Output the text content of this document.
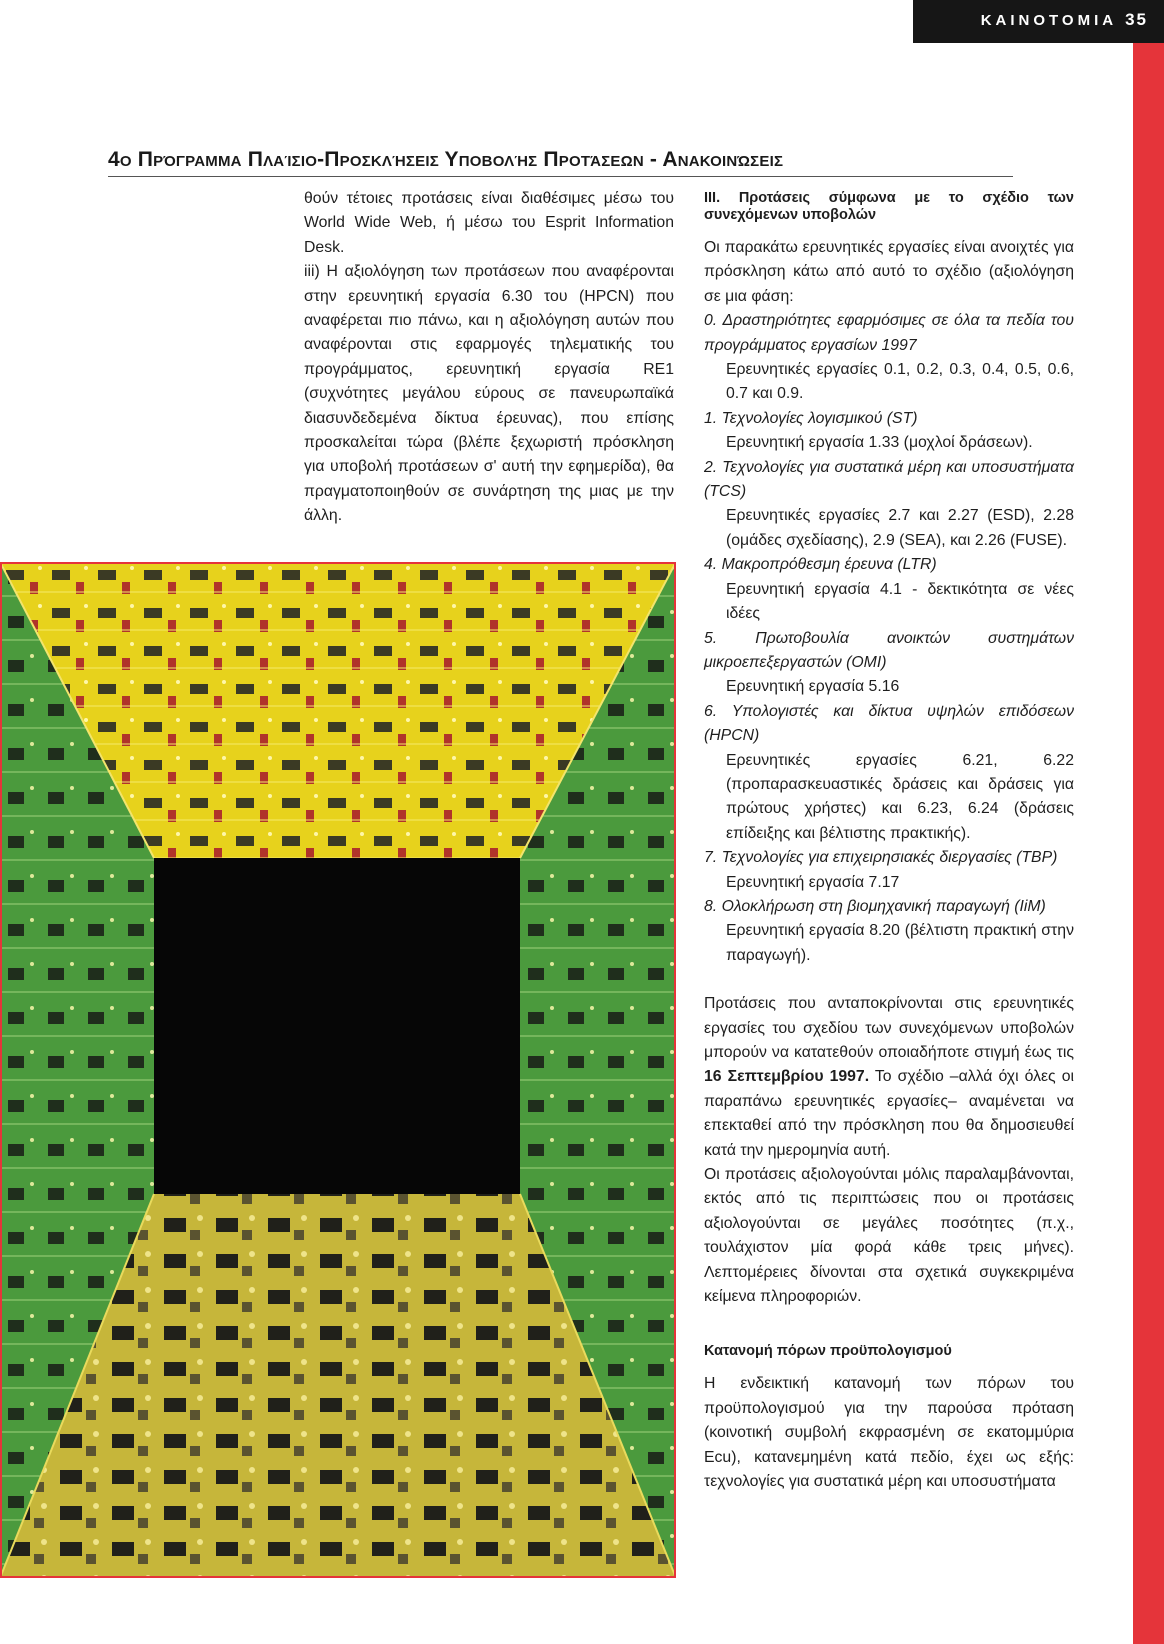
ΚΑΙΝΟΤΟΜΙΑ 35
4ο Πρόγραμμα Πλαίσιο-Προσκλήσεις Υποβολής Προτάσεων - Ανακοινώσεις

θούν τέτοιες προτάσεις είναι διαθέσιμες μέσω του World Wide Web, ή μέσω του Esprit Information Desk.

iii) Η αξιολόγηση των προτάσεων που αναφέρονται στην ερευνητική εργασία 6.30 του (HPCN) που αναφέρεται πιο πάνω, και η αξιολόγηση αυτών που αναφέρονται στις εφαρμογές τηλεματικής του προγράμματος, ερευνητική εργασία RE1 (συχνότητες μεγάλου εύρους σε πανευρωπαϊκά διασυνδεδεμένα δίκτυα έρευνας), που επίσης προσκαλείται τώρα (βλέπε ξεχωριστή πρόσκληση για υποβολή προτάσεων σ' αυτή την εφημερίδα), θα πραγματοποιηθούν σε συνάρτηση της μιας με την άλλη.

III. Προτάσεις σύμφωνα με το σχέδιο των συνεχόμενων υποβολών

Οι παρακάτω ερευνητικές εργασίες είναι ανοιχτές για πρόσκληση κάτω από αυτό το σχέδιο (αξιολόγηση σε μια φάση:

0. Δραστηριότητες εφαρμόσιμες σε όλα τα πεδία του προγράμματος εργασίων 1997

Ερευνητικές εργασίες 0.1, 0.2, 0.3, 0.4, 0.5, 0.6, 0.7 και 0.9.

1. Τεχνολογίες λογισμικού (ST)

Ερευνητική εργασία 1.33 (μοχλοί δράσεων).

2. Τεχνολογίες για συστατικά μέρη και υποσυστήματα (TCS)

Ερευνητικές εργασίες 2.7 και 2.27 (ESD), 2.28 (ομάδες σχεδίασης), 2.9 (SEA), και 2.26 (FUSE).

4. Μακροπρόθεσμη έρευνα (LTR)

Ερευνητική εργασία 4.1 - δεκτικότητα σε νέες ιδέες

5. Πρωτοβουλία ανοικτών συστημάτων μικροεπεξεργαστών (OMI)

Ερευνητική εργασία 5.16

6. Υπολογιστές και δίκτυα υψηλών επιδόσεων (HPCN)

Ερευνητικές εργασίες 6.21, 6.22 (προπαρασκευαστικές δράσεις και δράσεις για πρώτους χρήστες) και 6.23, 6.24 (δράσεις επίδειξης και βέλτιστης πρακτικής).

7. Τεχνολογίες για επιχειρησιακές διεργασίες (TBP)

Ερευνητική εργασία 7.17

8. Ολοκλήρωση στη βιομηχανική παραγωγή (IiM)

Ερευνητική εργασία 8.20 (βέλτιστη πρακτική στην παραγωγή).

Προτάσεις που ανταποκρίνονται στις ερευνητικές εργασίες του σχεδίου των συνεχόμενων υποβολών μπορούν να κατατεθούν οποιαδήποτε στιγμή έως τις 16 Σεπτεμβρίου 1997. Το σχέδιο –αλλά όχι όλες οι παραπάνω ερευνητικές εργασίες– αναμένεται να επεκταθεί από την πρόσκληση που θα δημοσιευθεί κατά την ημερομηνία αυτή.

Οι προτάσεις αξιολογούνται μόλις παραλαμβάνονται, εκτός από τις περιπτώσεις που οι προτάσεις αξιολογούνται σε μεγάλες ποσότητες (π.χ., τουλάχιστον μία φορά κάθε τρεις μήνες). Λεπτομέρειες δίνονται στα σχετικά συγκεκριμένα κείμενα πληροφοριών.

Κατανομή πόρων προϋπολογισμού

Η ενδεικτική κατανομή των πόρων του προϋπολογισμού για την παρούσα πρόταση (κοινοτική συμβολή εκφρασμένη σε εκατομμύρια Ecu), κατανεμημένη κατά πεδίο, έχει ως εξής: τεχνολογίες για συστατικά μέρη και υποσυστήματα
